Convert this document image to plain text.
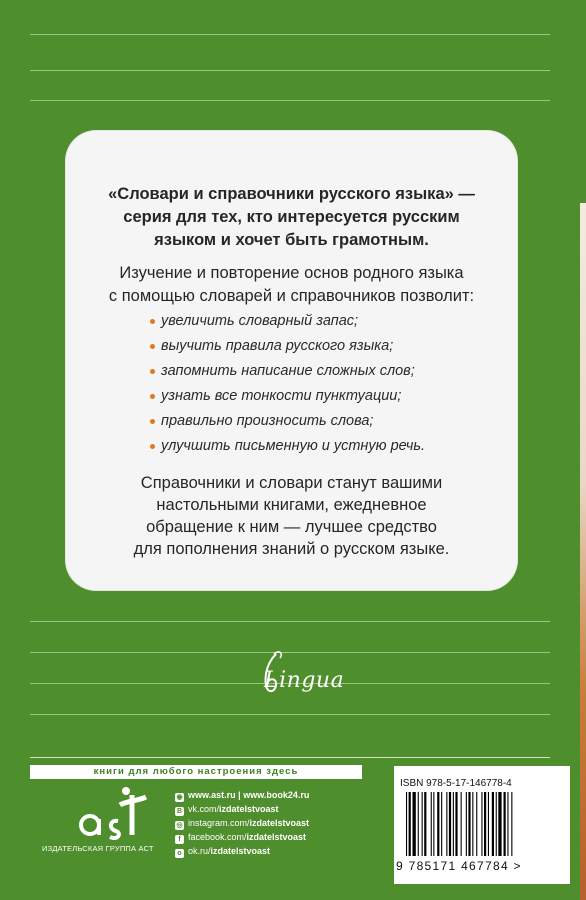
«Словари и справочники русского языка» —
серия для тех, кто интересуется русским
языком и хочет быть грамотным.
Изучение и повторение основ родного языка
с помощью словарей и справочников позволит:
увеличить словарный запас;
выучить правила русского языка;
запомнить написание сложных слов;
узнать все тонкости пунктуации;
правильно произносить слова;
улучшить письменную и устную речь.
Справочники и словари станут вашими
настольными книгами, ежедневное
обращение к ним — лучшее средство
для пополнения знаний о русском языке.
Lingua
книги для любого настроения здесь
ИЗДАТЕЛЬСКАЯ ГРУППА АСТ
◉ www.ast.ru | www.book24.ru
В vk.com/izdatelstvoast
◎ instagram.com/izdatelstvoast
f facebook.com/izdatelstvoast
о ok.ru/izdatelstvoast
ISBN 978-5-17-146778-4
9 785171 467784 >
